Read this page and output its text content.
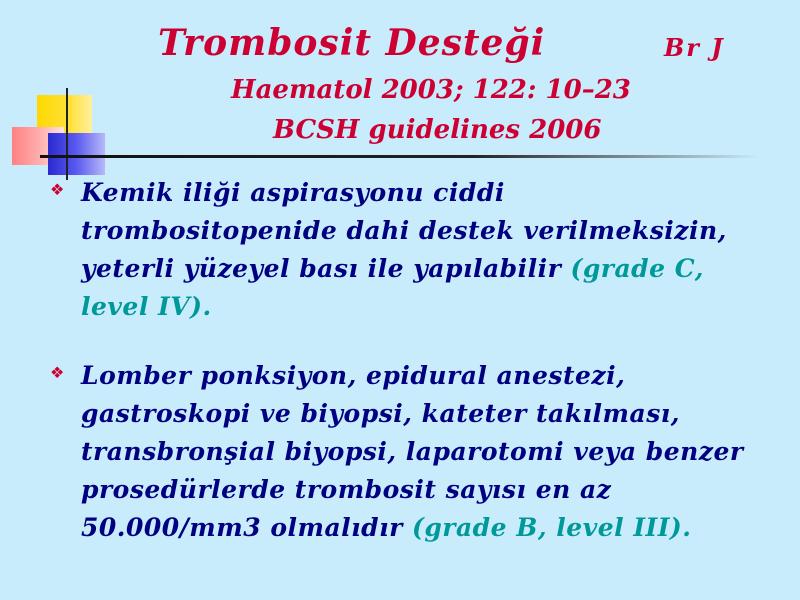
Trombosit Desteği	Br J
Haematol 2003; 122: 10–23
BCSH guidelines 2006
❖ Kemik iliği aspirasyonu ciddi trombositopenide dahi destek verilmeksizin, yeterli yüzeyel bası ile yapılabilir (grade C, level IV).
❖ Lomber ponksiyon, epidural anestezi, gastroskopi ve biyopsi, kateter takılması, transbronşial biyopsi, laparotomi veya benzer prosedürlerde trombosit sayısı en az 50.000/mm3 olmalıdır (grade B, level III).
